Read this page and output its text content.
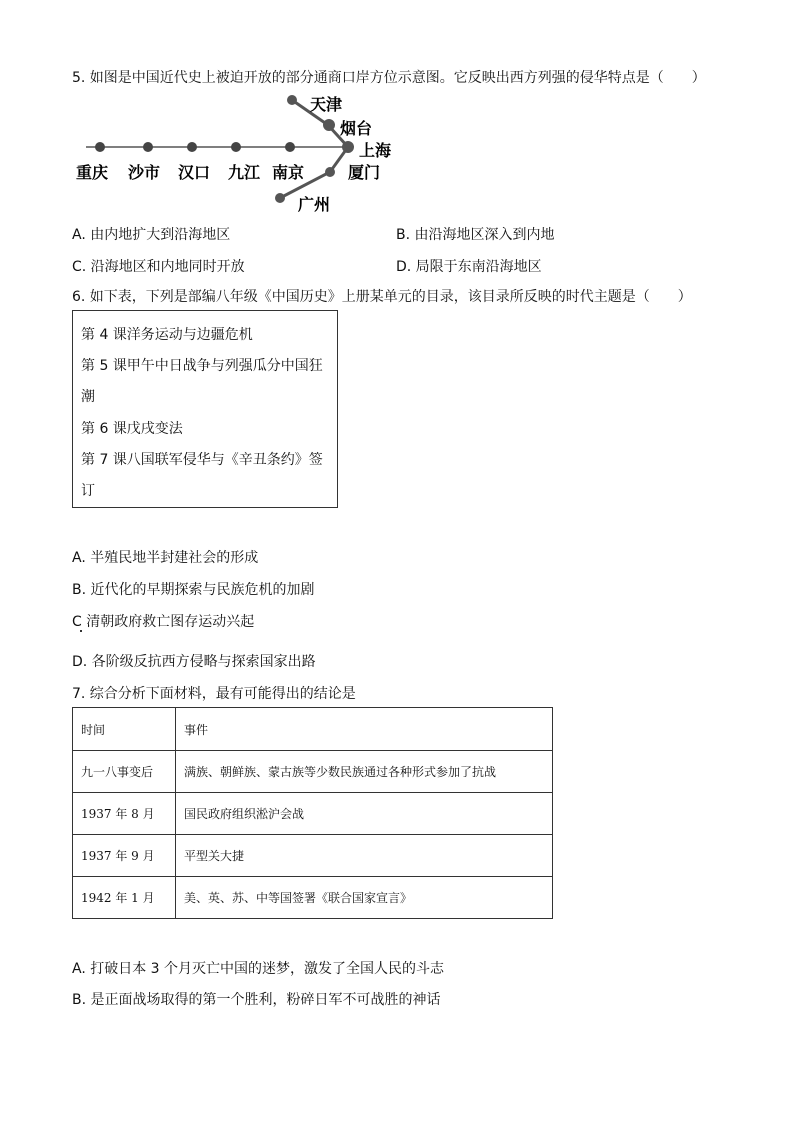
5. 如图是中国近代史上被迫开放的部分通商口岸方位示意图。它反映出西方列强的侵华特点是（　　）
天津
烟台
上海
厦门
广州
重庆 沙市 汉口 九江 南京
A. 由内地扩大到沿海地区	B. 由沿海地区深入到内地
C. 沿海地区和内地同时开放	D. 局限于东南沿海地区
6. 如下表，下列是部编八年级《中国历史》上册某单元的目录，该目录所反映的时代主题是（　　）
第 4 课洋务运动与边疆危机
第 5 课甲午中日战争与列强瓜分中国狂
潮
第 6 课戊戌变法
第 7 课八国联军侵华与《辛丑条约》签
订
A. 半殖民地半封建社会的形成
B. 近代化的早期探索与民族危机的加剧
C 清朝政府救亡图存运动兴起
D. 各阶级反抗西方侵略与探索国家出路
7. 综合分析下面材料，最有可能得出的结论是
时间	事件
九一八事变后	满族、朝鲜族、蒙古族等少数民族通过各种形式参加了抗战
1937 年 8 月	国民政府组织淞沪会战
1937 年 9 月	平型关大捷
1942 年 1 月	美、英、苏、中等国签署《联合国家宣言》
A. 打破日本 3 个月灭亡中国的迷梦，激发了全国人民的斗志
B. 是正面战场取得的第一个胜利，粉碎日军不可战胜的神话
